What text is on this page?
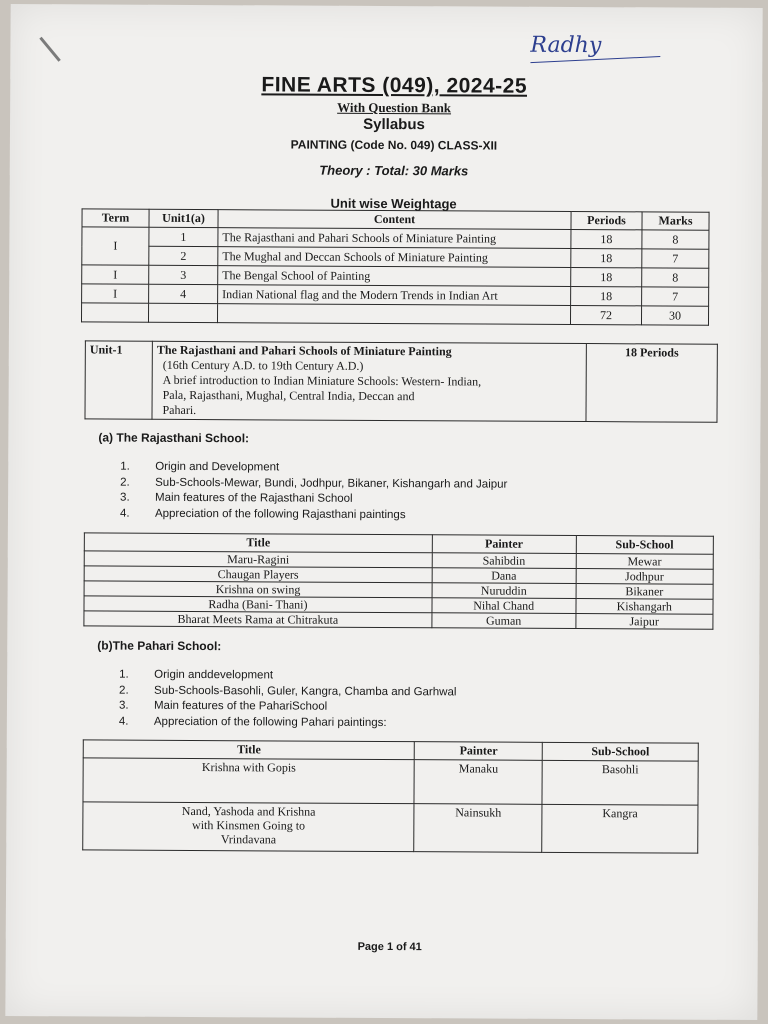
Radhy
FINE ARTS (049), 2024-25
With Question Bank
Syllabus
PAINTING (Code No. 049) CLASS-XII
Theory : Total: 30 Marks
Unit wise Weightage
Term	Unit1(a)	Content	Periods	Marks
I	1	The Rajasthani and Pahari Schools of Miniature Painting	18	8
	2	The Mughal and Deccan Schools of Miniature Painting	18	7
I	3	The Bengal School of Painting	18	8
I	4	Indian National flag and the Modern Trends in Indian Art	18	7
			72	30
Unit-1	The Rajasthani and Pahari Schools of Miniature Painting
(16th Century A.D. to 19th Century A.D.)
A brief introduction to Indian Miniature Schools: Western- Indian,
Pala, Rajasthani, Mughal, Central India, Deccan and
Pahari.
	18 Periods
(a) The Rajasthani School:
1.	Origin and Development
2.	Sub-Schools-Mewar, Bundi, Jodhpur, Bikaner, Kishangarh and Jaipur
3.	Main features of the Rajasthani School
4.	Appreciation of the following Rajasthani paintings
Title	Painter	Sub-School
Maru-Ragini	Sahibdin	Mewar
Chaugan Players	Dana	Jodhpur
Krishna on swing	Nuruddin	Bikaner
Radha (Bani- Thani)	Nihal Chand	Kishangarh
Bharat Meets Rama at Chitrakuta	Guman	Jaipur
(b)The Pahari School:
1.	Origin anddevelopment
2.	Sub-Schools-Basohli, Guler, Kangra, Chamba and Garhwal
3.	Main features of the PahariSchool
4.	Appreciation of the following Pahari paintings:
Title	Painter	Sub-School
Krishna with Gopis	Manaku	Basohli

Nand, Yashoda and Krishna
with Kinsmen Going to
Vrindavana	Nainsukh	Kangra
Page 1 of 41
